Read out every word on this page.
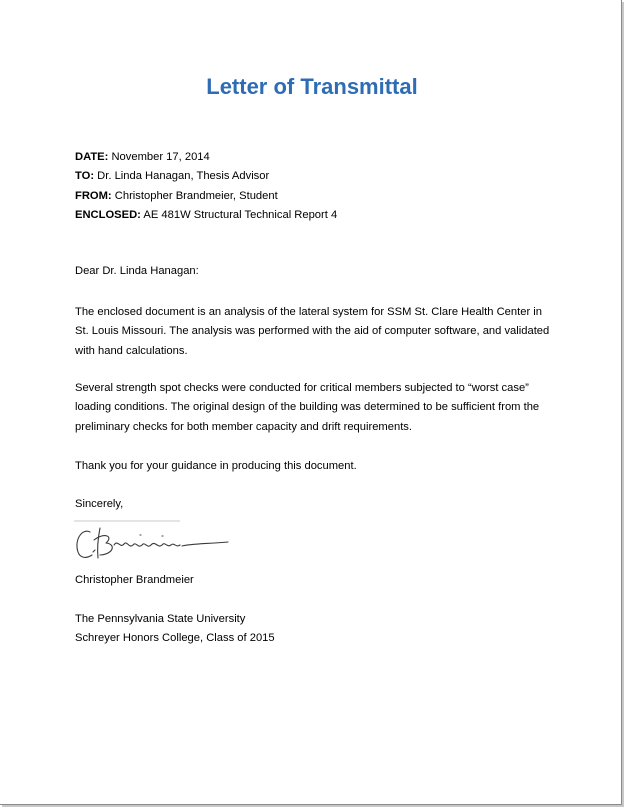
Letter of Transmittal
DATE: November 17, 2014
TO: Dr. Linda Hanagan, Thesis Advisor
FROM: Christopher Brandmeier, Student
ENCLOSED: AE 481W Structural Technical Report 4

Dear Dr. Linda Hanagan:

The enclosed document is an analysis of the lateral system for SSM St. Clare Health Center in St. Louis Missouri. The analysis was performed with the aid of computer software, and validated with hand calculations.

Several strength spot checks were conducted for critical members subjected to “worst case” loading conditions. The original design of the building was determined to be sufficient from the preliminary checks for both member capacity and drift requirements.

Thank you for your guidance in producing this document.

Sincerely,

Christopher Brandmeier

The Pennsylvania State University
Schreyer Honors College, Class of 2015
